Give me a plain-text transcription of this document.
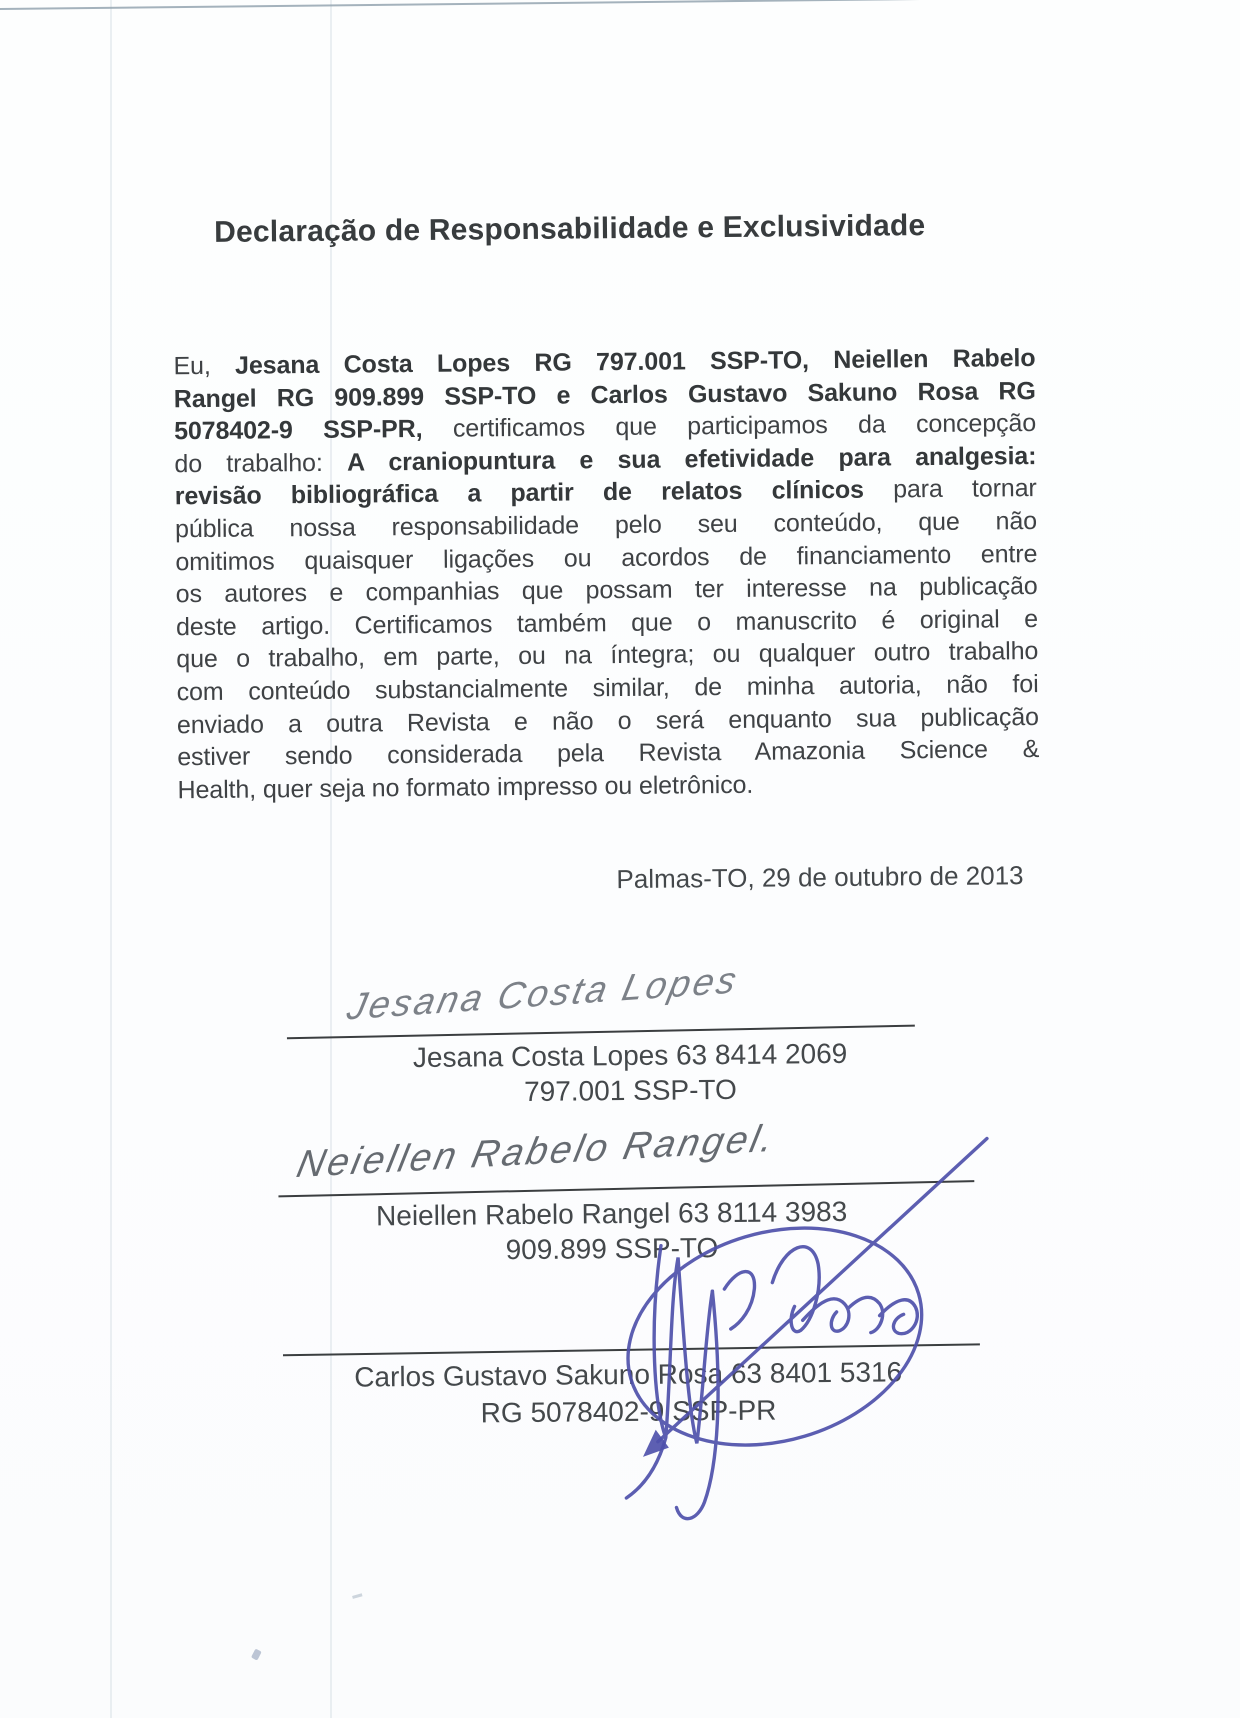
Declaração de Responsabilidade e Exclusividade
Eu, Jesana Costa Lopes RG 797.001 SSP-TO, Neiellen Rabelo
Rangel RG 909.899 SSP-TO e Carlos Gustavo Sakuno Rosa RG
5078402-9 SSP-PR, certificamos que participamos da concepção
do trabalho: A craniopuntura e sua efetividade para analgesia:
revisão bibliográfica a partir de relatos clínicos para tornar
pública nossa responsabilidade pelo seu conteúdo, que não
omitimos quaisquer ligações ou acordos de financiamento entre
os autores e companhias que possam ter interesse na publicação
deste artigo. Certificamos também que o manuscrito é original e
que o trabalho, em parte, ou na íntegra; ou qualquer outro trabalho
com conteúdo substancialmente similar, de minha autoria, não foi
enviado a outra Revista e não o será enquanto sua publicação
estiver sendo considerada pela Revista Amazonia Science &
Health, quer seja no formato impresso ou eletrônico.
Palmas-TO, 29 de outubro de 2013
Jesana Costa Lopes
Jesana Costa Lopes 63 8414 2069
797.001 SSP-TO
Neiellen Rabelo Rangel.
Neiellen Rabelo Rangel 63 8114 3983
909.899 SSP-TO
Carlos Gustavo Sakuno Rosa 63 8401 5316
RG 5078402-9 SSP-PR
